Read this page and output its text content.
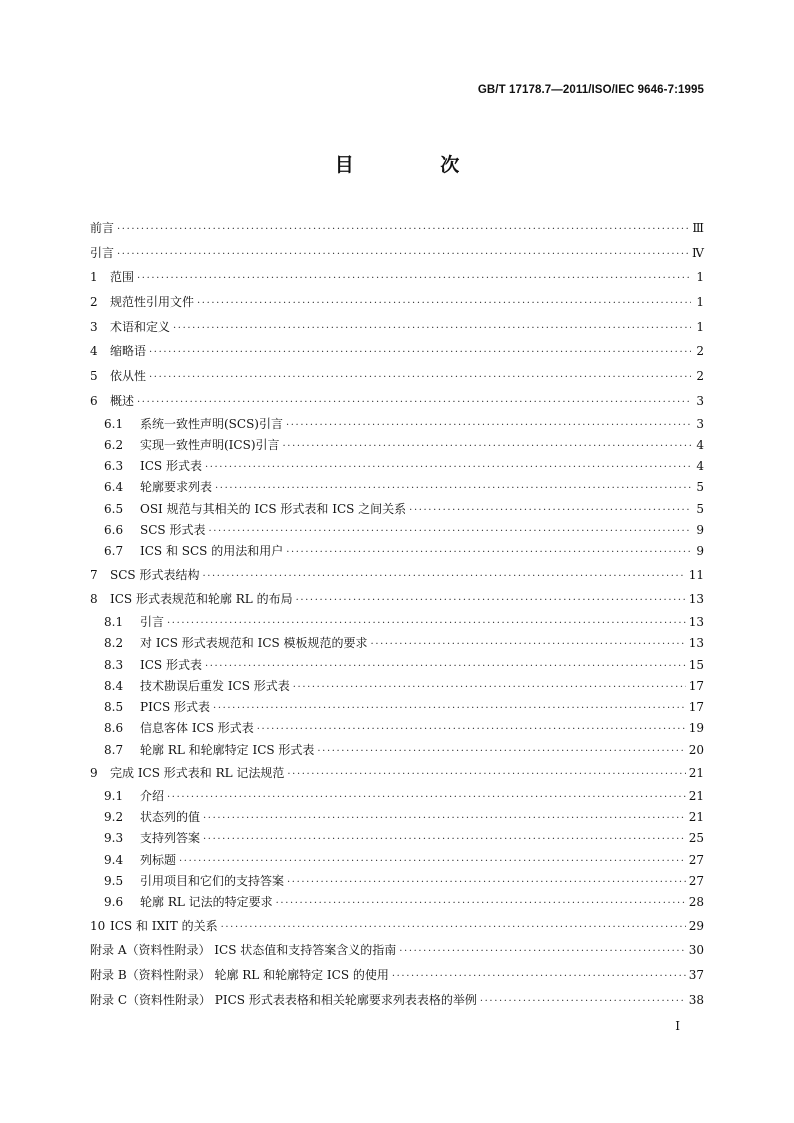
GB/T 17178.7—2011/ISO/IEC 9646-7:1995
目 次
前言 ·····	Ⅲ
引言 ·····	Ⅳ
1	范围 ·····	1
2	规范性引用文件 ·····	1
3	术语和定义 ·····	1
4	缩略语 ·····	2
5	依从性 ·····	2
6	概述 ·····	3
6.1	系统一致性声明(SCS)引言 ·····	3
6.2	实现一致性声明(ICS)引言 ·····	4
6.3	ICS 形式表 ·····	4
6.4	轮廓要求列表 ·····	5
6.5	OSI 规范与其相关的 ICS 形式表和 ICS 之间关系 ·····	5
6.6	SCS 形式表 ·····	9
6.7	ICS 和 SCS 的用法和用户 ·····	9
7	SCS 形式表结构 ·····	11
8	ICS 形式表规范和轮廓 RL 的布局 ·····	13
8.1	引言 ·····	13
8.2	对 ICS 形式表规范和 ICS 模板规范的要求 ·····	13
8.3	ICS 形式表 ·····	15
8.4	技术勘误后重发 ICS 形式表 ·····	17
8.5	PICS 形式表 ·····	17
8.6	信息客体 ICS 形式表 ·····	19
8.7	轮廓 RL 和轮廓特定 ICS 形式表 ·····	20
9	完成 ICS 形式表和 RL 记法规范 ·····	21
9.1	介绍 ·····	21
9.2	状态列的值 ·····	21
9.3	支持列答案 ·····	25
9.4	列标题 ·····	27
9.5	引用项目和它们的支持答案 ·····	27
9.6	轮廓 RL 记法的特定要求 ·····	28
10 ICS 和 IXIT 的关系 ·····	29
附录 A（资料性附录） ICS 状态值和支持答案含义的指南 ·····	30
附录 B（资料性附录） 轮廓 RL 和轮廓特定 ICS 的使用 ·····	37
附录 C（资料性附录） PICS 形式表表格和相关轮廓要求列表表格的举例 ·····	38
I
